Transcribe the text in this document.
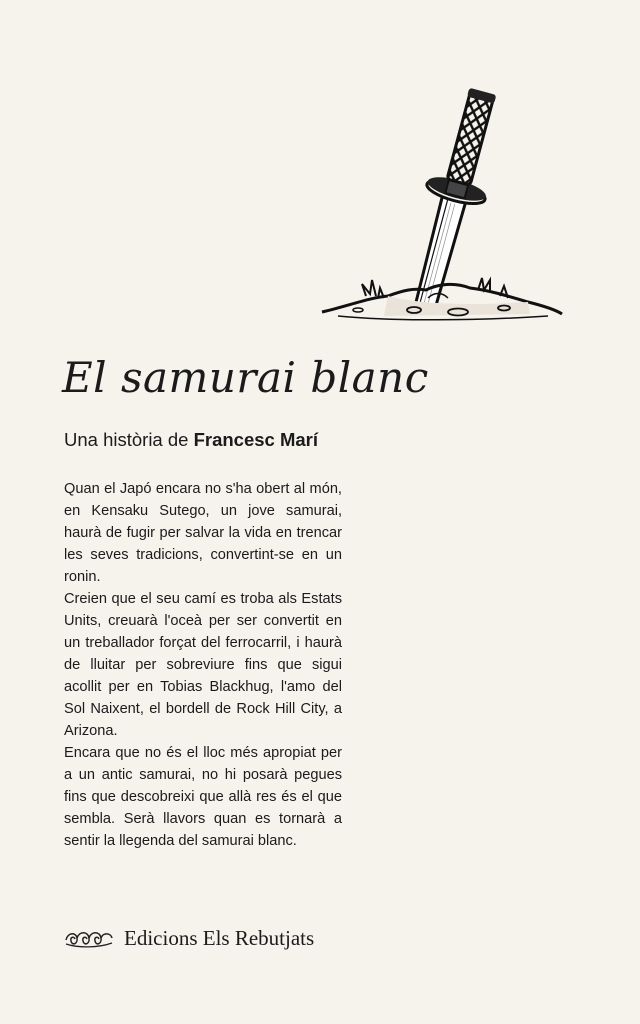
El samurai blanc
Una història de Francesc Marí

Quan el Japó encara no s'ha obert al món, en Kensaku Sutego, un jove samurai, haurà de fugir per salvar la vida en trencar les seves tradicions, convertint-se en un ronin.

Creien que el seu camí es troba als Estats Units, creuarà l'oceà per ser convertit en un treballador forçat del ferrocarril, i haurà de lluitar per sobreviure fins que sigui acollit per en Tobias Blackhug, l'amo del Sol Naixent, el bordell de Rock Hill City, a Arizona.

Encara que no és el lloc més apropiat per a un antic samurai, no hi posarà pegues fins que descobreixi que allà res és el que sembla. Serà llavors quan es tornarà a sentir la llegenda del samurai blanc.

Edicions Els Rebutjats
